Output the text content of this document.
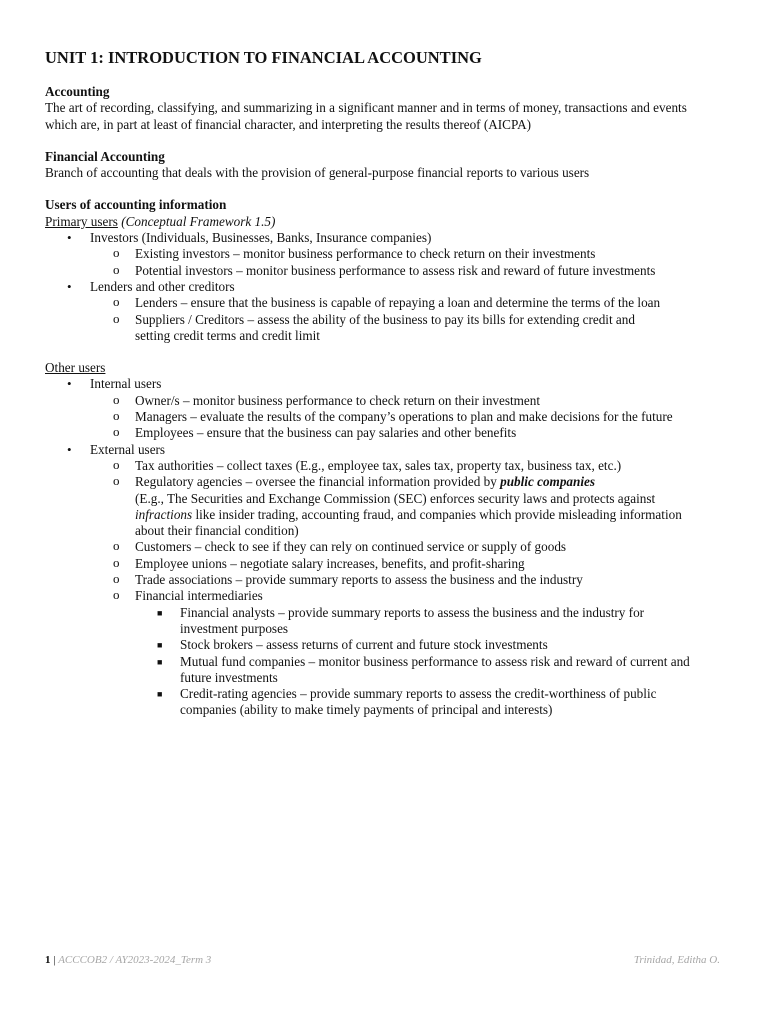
UNIT 1: INTRODUCTION TO FINANCIAL ACCOUNTING
Accounting
The art of recording, classifying, and summarizing in a significant manner and in terms of money, transactions and events
which are, in part at least of financial character, and interpreting the results thereof (AICPA)
Financial Accounting
Branch of accounting that deals with the provision of general-purpose financial reports to various users
Users of accounting information
Primary users (Conceptual Framework 1.5)
• Investors (Individuals, Businesses, Banks, Insurance companies)
o Existing investors – monitor business performance to check return on their investments
o Potential investors – monitor business performance to assess risk and reward of future investments
• Lenders and other creditors
o Lenders – ensure that the business is capable of repaying a loan and determine the terms of the loan
o Suppliers / Creditors – assess the ability of the business to pay its bills for extending credit and
setting credit terms and credit limit
Other users
• Internal users
o Owner/s – monitor business performance to check return on their investment
o Managers – evaluate the results of the company’s operations to plan and make decisions for the future
o Employees – ensure that the business can pay salaries and other benefits
• External users
o Tax authorities – collect taxes (E.g., employee tax, sales tax, property tax, business tax, etc.)
o Regulatory agencies – oversee the financial information provided by public companies
(E.g., The Securities and Exchange Commission (SEC) enforces security laws and protects against
infractions like insider trading, accounting fraud, and companies which provide misleading information
about their financial condition)
o Customers – check to see if they can rely on continued service or supply of goods
o Employee unions – negotiate salary increases, benefits, and profit-sharing
o Trade associations – provide summary reports to assess the business and the industry
o Financial intermediaries
■ Financial analysts – provide summary reports to assess the business and the industry for
investment purposes
■ Stock brokers – assess returns of current and future stock investments
■ Mutual fund companies – monitor business performance to assess risk and reward of current and
future investments
■ Credit-rating agencies – provide summary reports to assess the credit-worthiness of public
companies (ability to make timely payments of principal and interests)
1 | ACCCOB2 / AY2023-2024_Term 3	Trinidad, Editha O.
